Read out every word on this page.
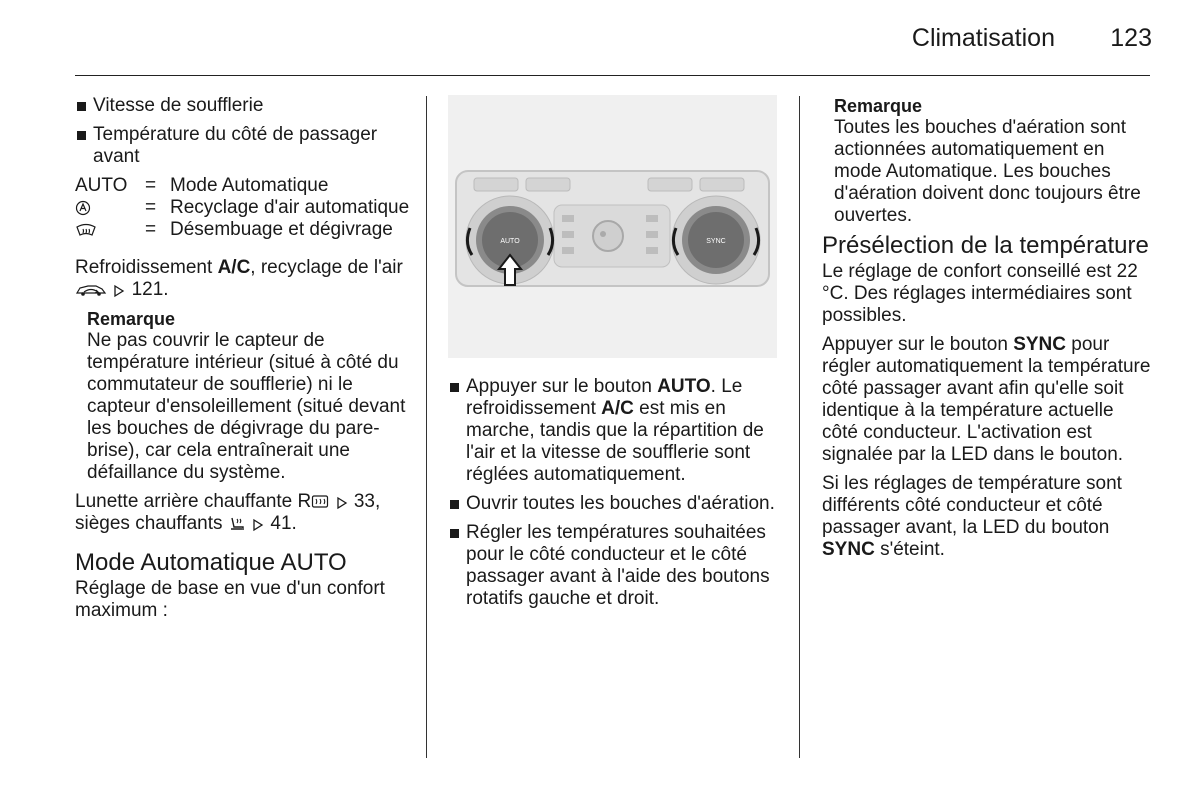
Climatisation	123
Vitesse de soufflerie
Température du côté de passager avant
AUTO = Mode Automatique
= Recyclage d'air automatique
= Désembuage et dégivrage

Refroidissement A/C, recyclage de l'air   121.

Remarque
Ne pas couvrir le capteur de température intérieur (situé à côté du commutateur de soufflerie) ni le capteur d'ensoleillement (situé devant les bouches de dégivrage du pare-brise), car cela entraînerait une défaillance du système.

Lunette arrière chauffante R 33,
sièges chauffants	41.

Mode Automatique AUTO

Réglage de base en vue d'un confort maximum :

AUTO	SYNC
Appuyer sur le bouton AUTO. Le refroidissement A/C est mis en marche, tandis que la répartition de l'air et la vitesse de soufflerie sont réglées automatiquement.
Ouvrir toutes les bouches d'aération.
Régler les températures souhaitées pour le côté conducteur et le côté passager avant à l'aide des boutons rotatifs gauche et droit.
Remarque
Toutes les bouches d'aération sont actionnées automatiquement en mode Automatique. Les bouches d'aération doivent donc toujours être ouvertes.
Présélection de la température

Le réglage de confort conseillé est 22 °C. Des réglages intermédiaires sont possibles.

Appuyer sur le bouton SYNC pour régler automatiquement la température côté passager avant afin qu'elle soit identique à la température actuelle côté conducteur. L'activation est signalée par la LED dans le bouton.

Si les réglages de température sont différents côté conducteur et côté passager avant, la LED du bouton SYNC s'éteint.
